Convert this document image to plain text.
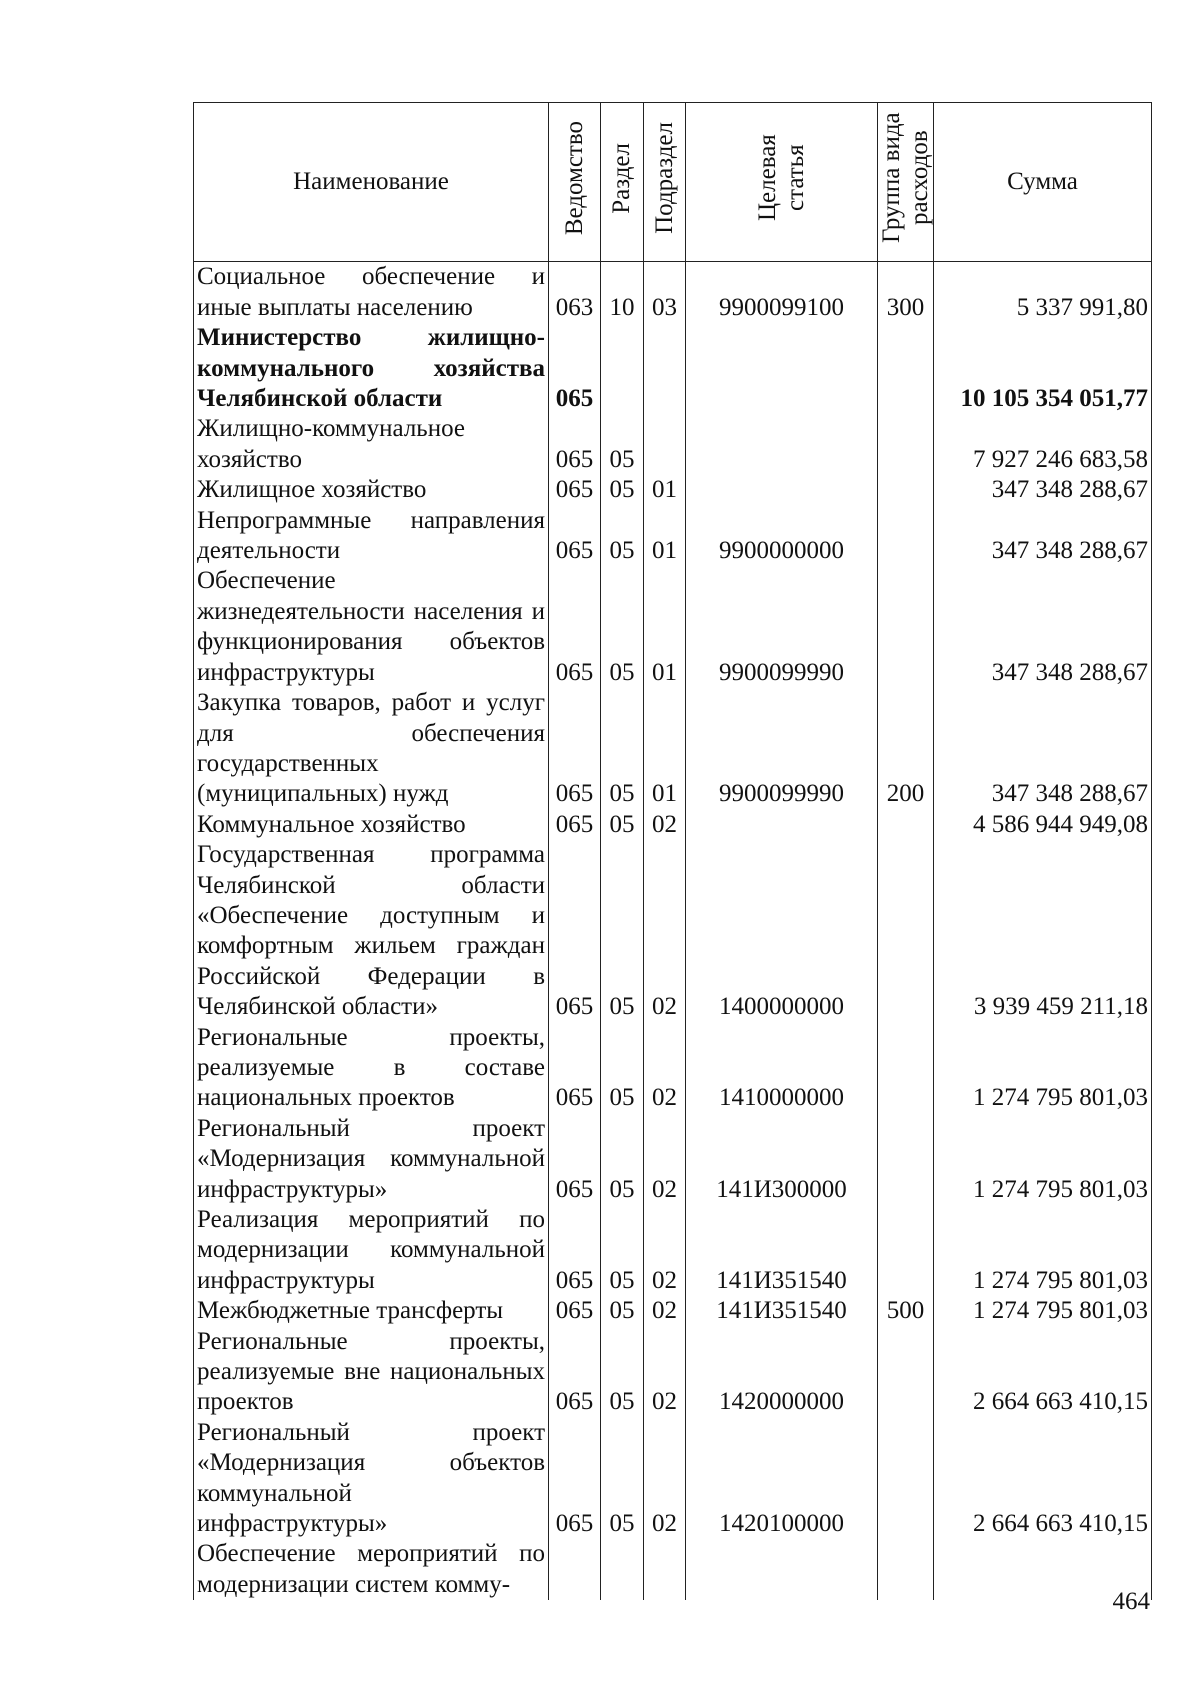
Наименование	Ведомство	Раздел	Подраздел	Целевая статья	Группа вида расходов	Сумма
Социальное обеспечение и иные выплаты населению	063	10	03	9900099100	300	5 337 991,80
Министерство жилищно-коммунального хозяйства Челябинской области	065					10 105 354 051,77
Жилищно-коммунальное хозяйство	065	05				7 927 246 683,58
Жилищное хозяйство	065	05	01			347 348 288,67
Непрограммные направления деятельности	065	05	01	9900000000		347 348 288,67
Обеспечение жизнедеятельности населения и функционирования объектов инфраструктуры	065	05	01	9900099990		347 348 288,67
Закупка товаров, работ и услуг для обеспечения государственных (муниципальных) нужд	065	05	01	9900099990	200	347 348 288,67
Коммунальное хозяйство	065	05	02			4 586 944 949,08
Государственная программа Челябинской области «Обеспечение доступным и комфортным жильем граждан Российской Федерации в Челябинской области»	065	05	02	1400000000		3 939 459 211,18
Региональные проекты, реализуемые в составе национальных проектов	065	05	02	1410000000		1 274 795 801,03
Региональный проект «Модернизация коммунальной инфраструктуры»	065	05	02	141И300000		1 274 795 801,03
Реализация мероприятий по модернизации коммунальной инфраструктуры	065	05	02	141И351540		1 274 795 801,03
Межбюджетные трансферты	065	05	02	141И351540	500	1 274 795 801,03
Региональные проекты, реализуемые вне национальных проектов	065	05	02	1420000000		2 664 663 410,15
Региональный проект «Модернизация объектов коммунальной инфраструктуры»	065	05	02	1420100000		2 664 663 410,15
Обеспечение мероприятий по модернизации систем комму-						
464
